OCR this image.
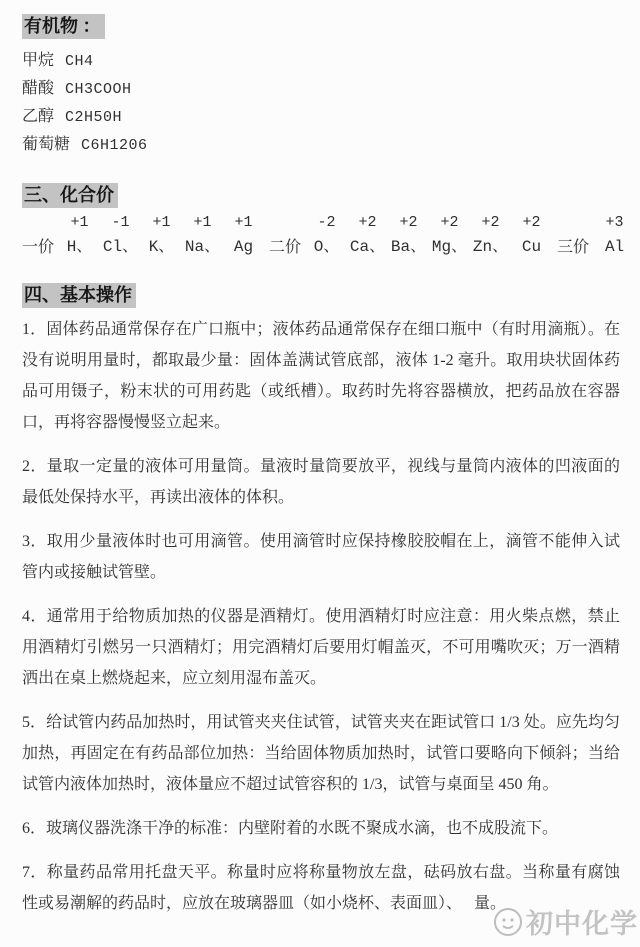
有机物 ：
甲烷 CH4
醋酸 CH3COOH
乙醇 C2H50H
葡萄糖 C6H1206
三、化合价
一价
+1
H、
-1
Cl、
+1
K、
+1
Na、
+1
Ag 二价
-2
O、
+2
Ca、
+2
Ba、
+2
Mg、
+2
Zn、
+2
Cu 三价
+3
Al
四、基本操作

1．固体药品通常保存在广口瓶中；液体药品通常保存在细口瓶中（有时用滴瓶）。在没有说明用量时，都取最少量：固体盖满试管底部，液体 1-2 毫升。取用块状固体药品可用镊子，粉末状的可用药匙（或纸槽）。取药时先将容器横放，把药品放在容器口，再将容器慢慢竖立起来。

2．量取一定量的液体可用量筒。量液时量筒要放平，视线与量筒内液体的凹液面的最低处保持水平，再读出液体的体积。

3．取用少量液体时也可用滴管。使用滴管时应保持橡胶胶帽在上，滴管不能伸入试管内或接触试管壁。

4．通常用于给物质加热的仪器是酒精灯。使用酒精灯时应注意：用火柴点燃，禁止用酒精灯引燃另一只酒精灯；用完酒精灯后要用灯帽盖灭，不可用嘴吹灭；万一酒精洒出在桌上燃烧起来，应立刻用湿布盖灭。

5．给试管内药品加热时，用试管夹夹住试管，试管夹夹在距试管口 1/3 处。应先均匀加热，再固定在有药品部位加热：当给固体物质加热时，试管口要略向下倾斜；当给试管内液体加热时，液体量应不超过试管容积的 1/3，试管与桌面呈 450 角。

6．玻璃仪器洗涤干净的标准：内壁附着的水既不聚成水滴，也不成股流下。

7．称量药品常用托盘天平。称量时应将称量物放左盘，砝码放右盘。当称量有腐蚀性或易潮解的药品时，应放在玻璃器皿（如小烧杯、表面皿）、　 量。

初中化学
